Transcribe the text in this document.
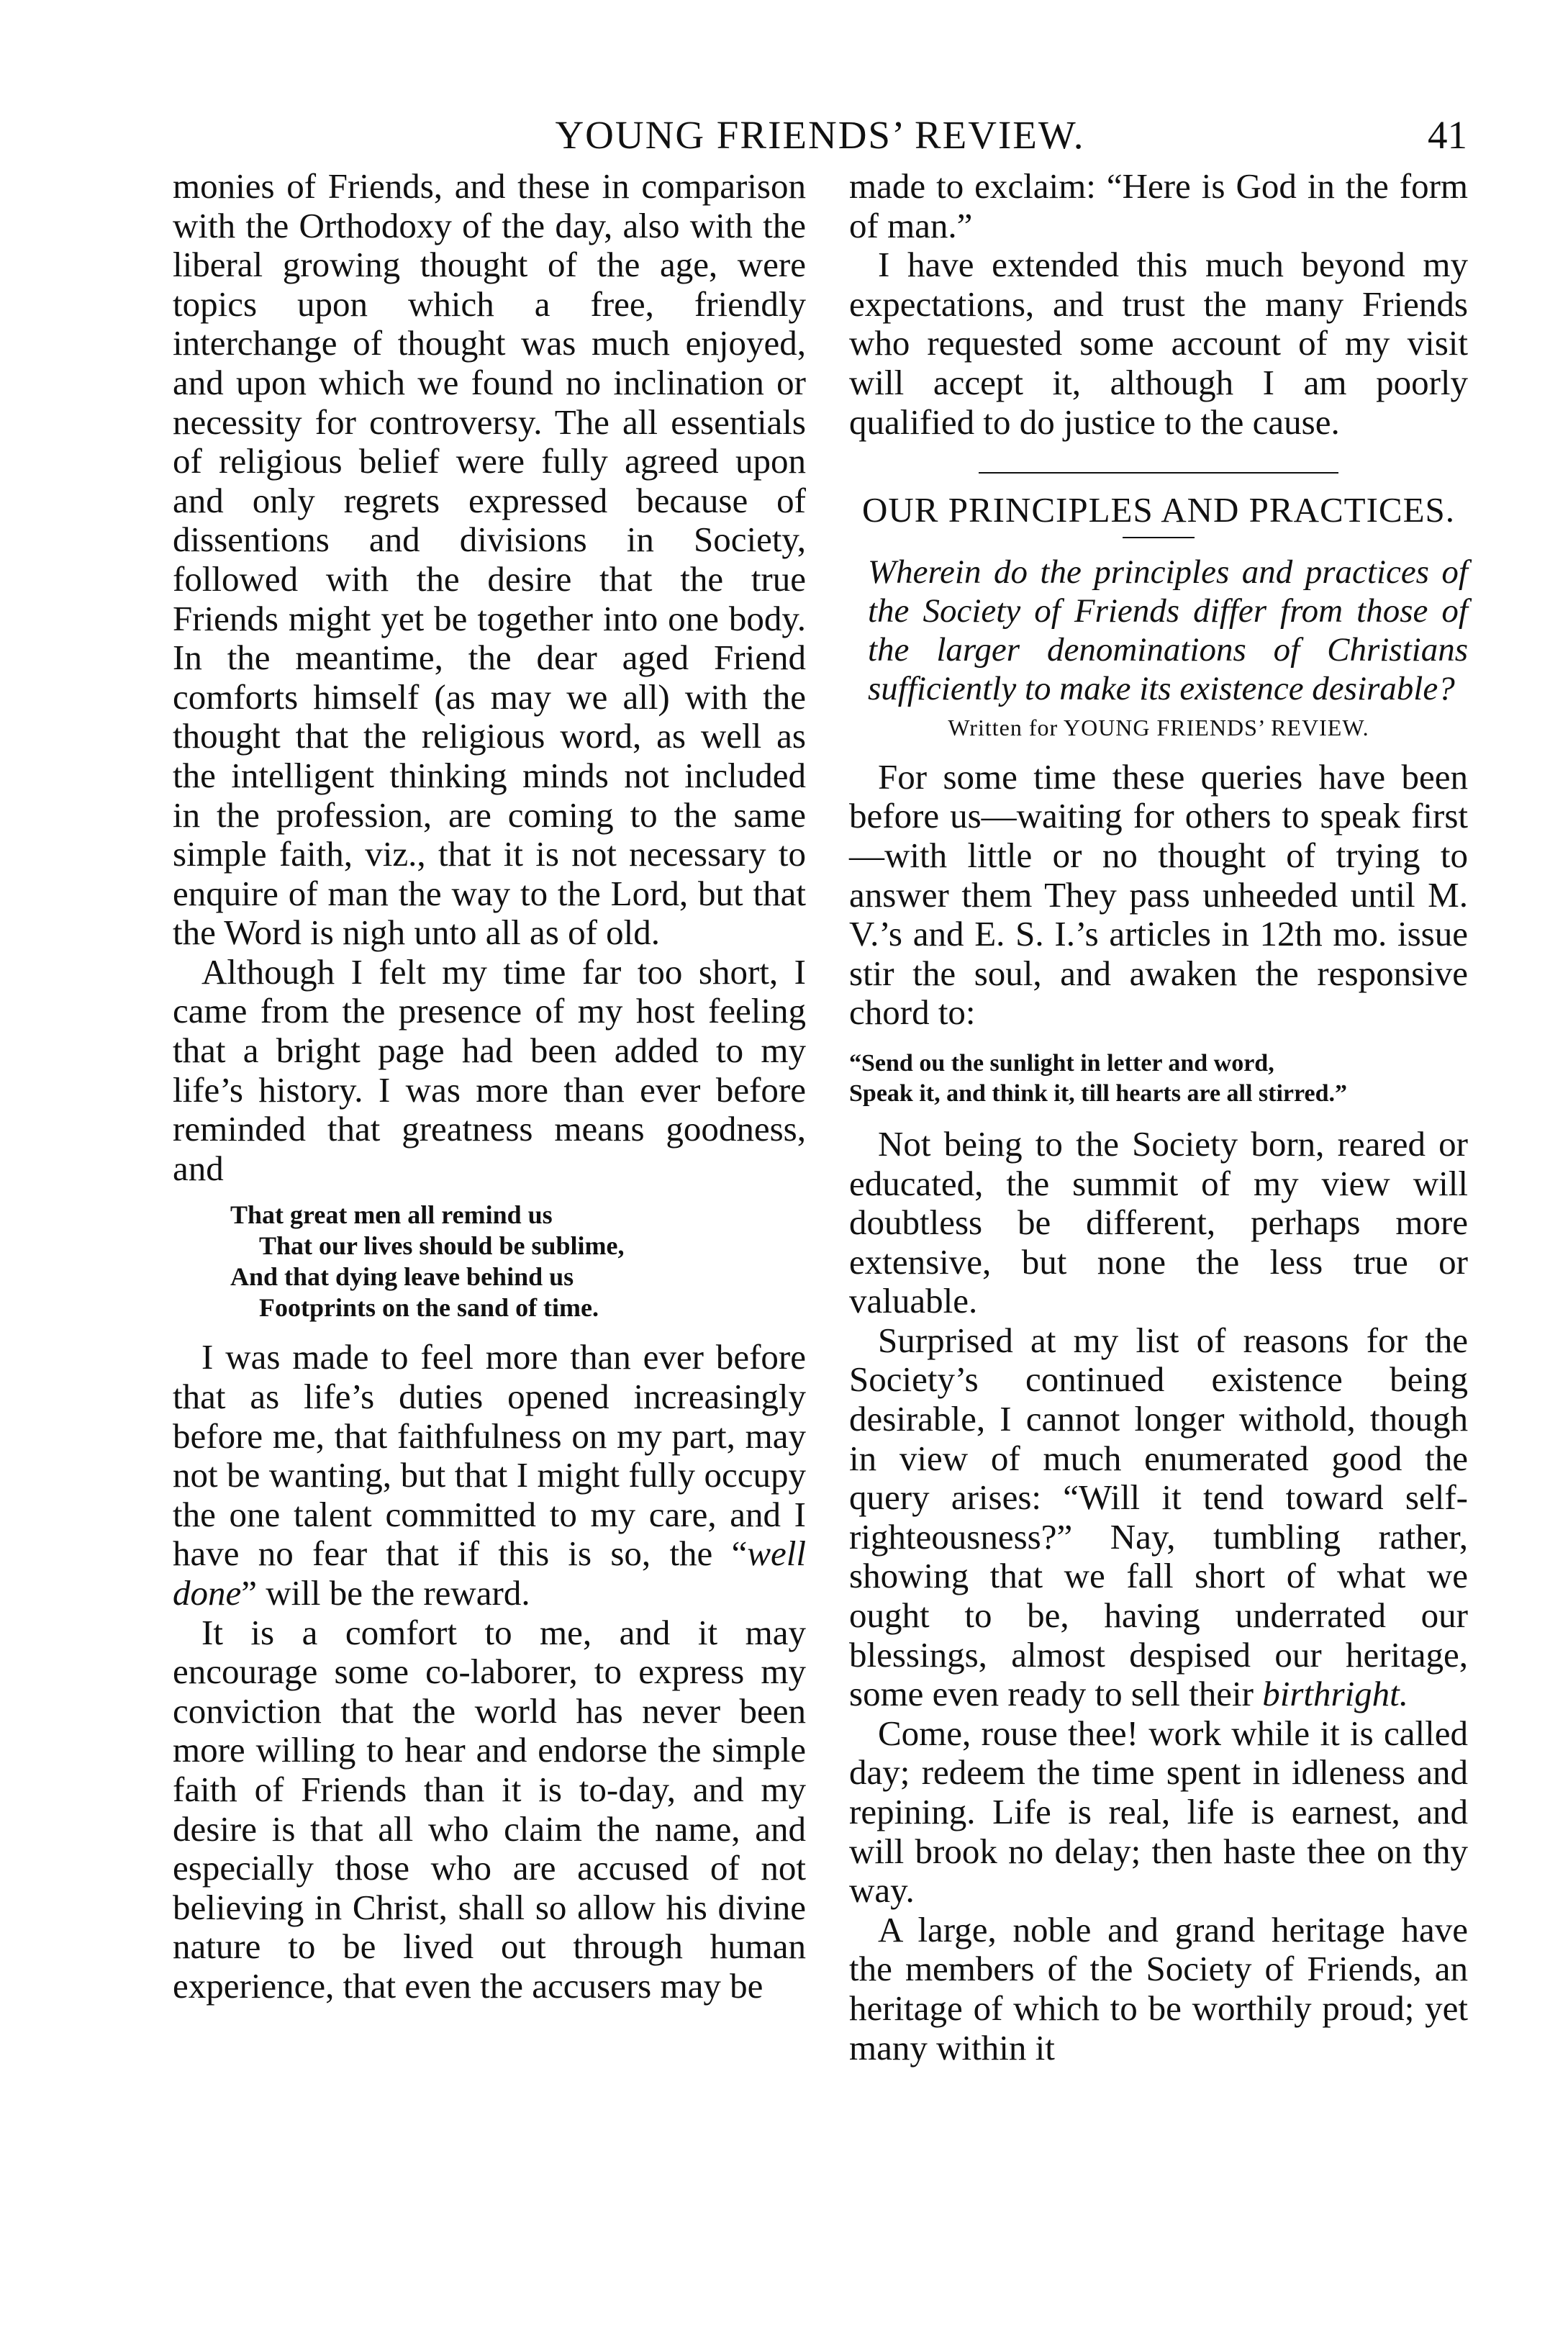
YOUNG FRIENDS’ REVIEW.	41

monies of Friends, and these in comparison with the Orthodoxy of the day, also with the liberal growing thought of the age, were topics upon which a free, friendly interchange of thought was much enjoyed, and upon which we found no inclination or necessity for controversy. The all essentials of religious belief were fully agreed upon and only regrets expressed because of dissentions and divisions in Society, followed with the desire that the true Friends might yet be together into one body. In the meantime, the dear aged Friend comforts himself (as may we all) with the thought that the religious word, as well as the intelligent thinking minds not included in the profession, are coming to the same simple faith, viz., that it is not necessary to enquire of man the way to the Lord, but that the Word is nigh unto all as of old.

Although I felt my time far too short, I came from the presence of my host feeling that a bright page had been added to my life’s history. I was more than ever before reminded that greatness means goodness, and

That great men all remind us
That our lives should be sublime,
And that dying leave behind us
Footprints on the sand of time.

I was made to feel more than ever before that as life’s duties opened increasingly before me, that faithfulness on my part, may not be wanting, but that I might fully occupy the one talent committed to my care, and I have no fear that if this is so, the “well done” will be the reward.

It is a comfort to me, and it may encourage some co-laborer, to express my conviction that the world has never been more willing to hear and endorse the simple faith of Friends than it is to-day, and my desire is that all who claim the name, and especially those who are accused of not believing in Christ, shall so allow his divine nature to be lived out through human experience, that even the accusers may be

made to exclaim: “Here is God in the form of man.”

I have extended this much beyond my expectations, and trust the many Friends who requested some account of my visit will accept it, although I am poorly qualified to do justice to the cause.

OUR PRINCIPLES AND PRACTICES.

Wherein do the principles and practices of the Society of Friends differ from those of the larger denominations of Christians sufficiently to make its existence desirable?

Written for YOUNG FRIENDS’ REVIEW.

For some time these queries have been before us—waiting for others to speak first—with little or no thought of trying to answer them They pass unheeded until M. V.’s and E. S. I.’s articles in 12th mo. issue stir the soul, and awaken the responsive chord to:

“Send ou the sunlight in letter and word,
Speak it, and think it, till hearts are all stirred.”

Not being to the Society born, reared or educated, the summit of my view will doubtless be different, perhaps more extensive, but none the less true or valuable.

Surprised at my list of reasons for the Society’s continued existence being desirable, I cannot longer withold, though in view of much enumerated good the query arises: “Will it tend toward self-righteousness?” Nay, tumbling rather, showing that we fall short of what we ought to be, having underrated our blessings, almost despised our heritage, some even ready to sell their birthright.

Come, rouse thee! work while it is called day; redeem the time spent in idleness and repining. Life is real, life is earnest, and will brook no delay; then haste thee on thy way.

A large, noble and grand heritage have the members of the Society of Friends, an heritage of which to be worthily proud; yet many within it
